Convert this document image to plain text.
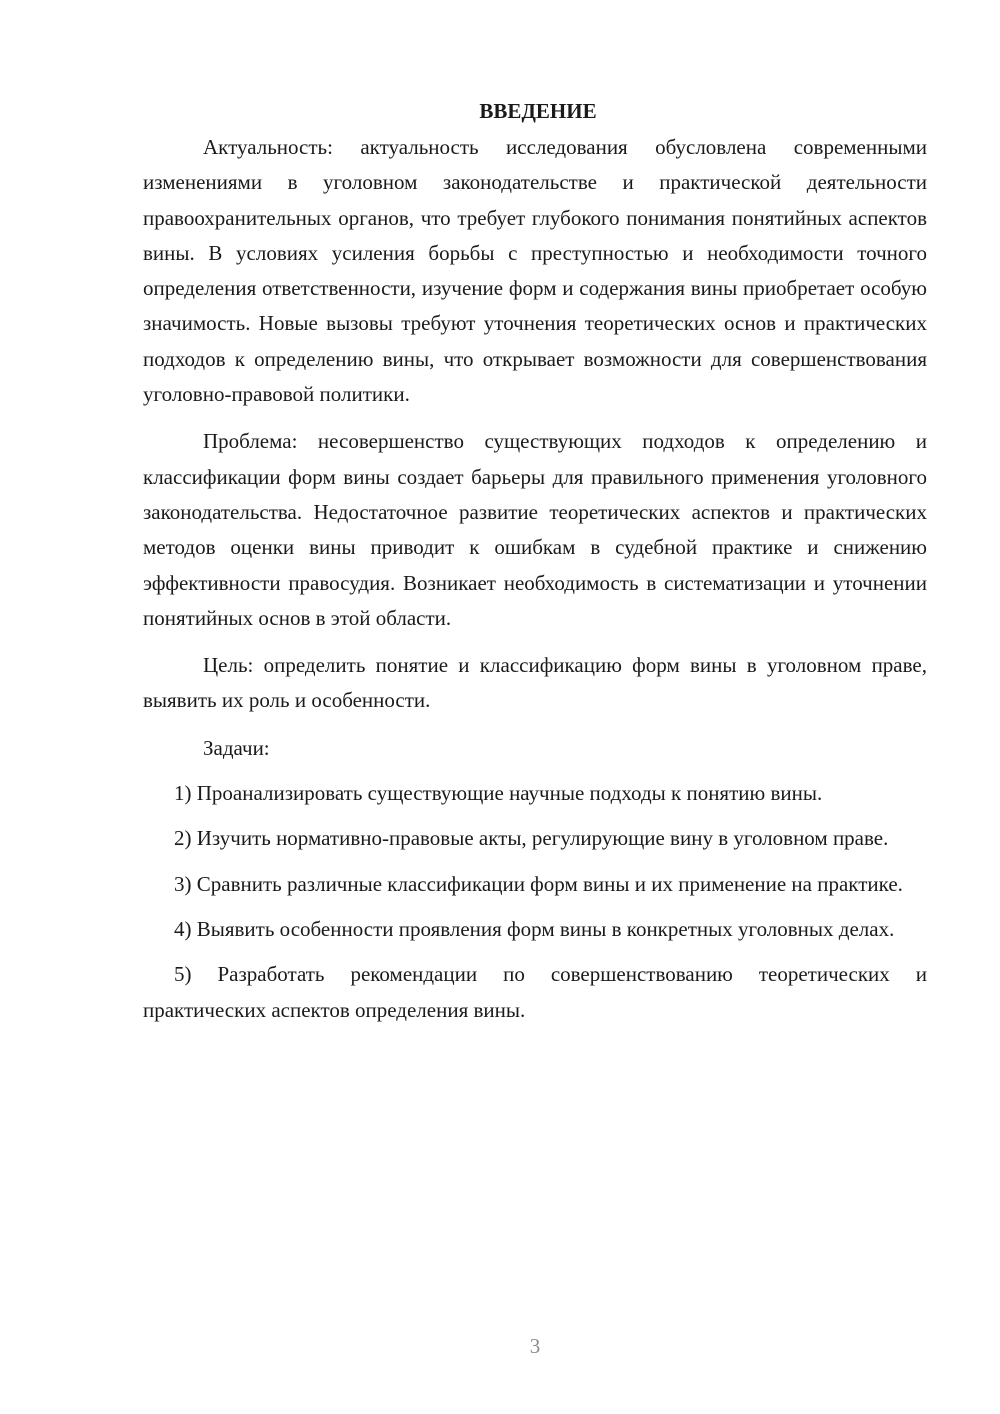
ВВЕДЕНИЕ

Актуальность: актуальность исследования обусловлена современными изменениями в уголовном законодательстве и практической деятельности правоохранительных органов, что требует глубокого понимания понятийных аспектов вины. В условиях усиления борьбы с преступностью и необходимости точного определения ответственности, изучение форм и содержания вины приобретает особую значимость. Новые вызовы требуют уточнения теоретических основ и практических подходов к определению вины, что открывает возможности для совершенствования уголовно-правовой политики.

Проблема: несовершенство существующих подходов к определению и классификации форм вины создает барьеры для правильного применения уголовного законодательства. Недостаточное развитие теоретических аспектов и практических методов оценки вины приводит к ошибкам в судебной практике и снижению эффективности правосудия. Возникает необходимость в систематизации и уточнении понятийных основ в этой области.

Цель: определить понятие и классификацию форм вины в уголовном праве, выявить их роль и особенности.

Задачи:

1) Проанализировать существующие научные подходы к понятию вины.

2) Изучить нормативно-правовые акты, регулирующие вину в уголовном праве.

3) Сравнить различные классификации форм вины и их применение на практике.

4) Выявить особенности проявления форм вины в конкретных уголовных делах.

5) Разработать рекомендации по совершенствованию теоретических и практических аспектов определения вины.

3
